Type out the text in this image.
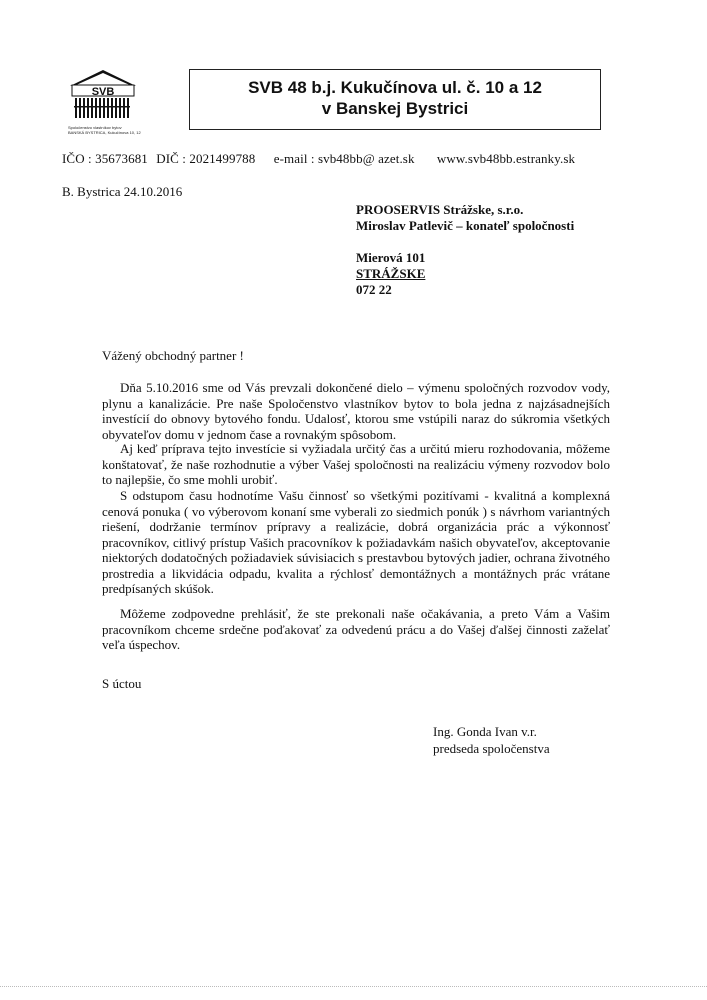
SVB
Spoločenstvo vlastníkov bytov
BANSKÁ BYSTRICA, Kukučínova 10, 12
SVB 48 b.j. Kukučínova ul. č. 10 a 12
v Banskej Bystrici
IČO : 35673681 DIČ : 2021499788 e-mail : svb48bb@ azet.sk www.svb48bb.estranky.sk
B. Bystrica 24.10.2016
PROOSERVIS Strážske, s.r.o.
Miroslav Patlevič – konateľ spoločnosti
Mierová 101
STRÁŽSKE
072 22
Vážený obchodný partner !
Dňa 5.10.2016 sme od Vás prevzali dokončené dielo – výmenu spoločných rozvodov vody, plynu a kanalizácie. Pre naše Spoločenstvo vlastníkov bytov to bola jedna z najzásadnejších investícií do obnovy bytového fondu. Udalosť, ktorou sme vstúpili naraz do súkromia všetkých obyvateľov domu v jednom čase a rovnakým spôsobom.
Aj keď príprava tejto investície si vyžiadala určitý čas a určitú mieru rozhodovania, môžeme konštatovať, že naše rozhodnutie a výber Vašej spoločnosti na realizáciu výmeny rozvodov bolo to najlepšie, čo sme mohli urobiť.
S odstupom času hodnotíme Vašu činnosť so všetkými pozitívami - kvalitná a komplexná cenová ponuka ( vo výberovom konaní sme vyberali zo siedmich ponúk ) s návrhom variantných riešení, dodržanie termínov prípravy a realizácie, dobrá organizácia prác a výkonnosť pracovníkov, citlivý prístup Vašich pracovníkov k požiadavkám našich obyvateľov, akceptovanie niektorých dodatočných požiadaviek súvisiacich s prestavbou bytových jadier, ochrana životného prostredia a likvidácia odpadu, kvalita a rýchlosť demontážnych a montážnych prác vrátane predpísaných skúšok.
Môžeme zodpovedne prehlásiť, že ste prekonali naše očakávania, a preto Vám a Vašim pracovníkom chceme srdečne poďakovať za odvedenú prácu a do Vašej ďalšej činnosti zaželať veľa úspechov.
S úctou
Ing. Gonda Ivan v.r.
predseda spoločenstva
